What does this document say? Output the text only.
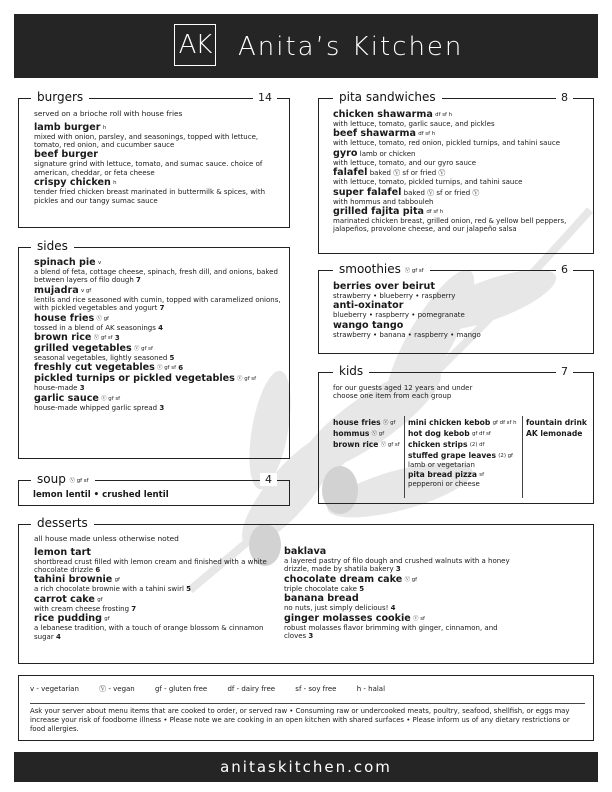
AK Anita’s Kitchen
burgers	14
served on a brioche roll with house fries
lamb burger h
mixed with onion, parsley, and seasonings, topped with lettuce, tomato, red onion, and cucumber sauce
beef burger
signature grind with lettuce, tomato, and sumac sauce. choice of american, cheddar, or feta cheese
crispy chicken h
tender fried chicken breast marinated in buttermilk & spices, with pickles and our tangy sumac sauce
sides
spinach pie v
a blend of feta, cottage cheese, spinach, fresh dill, and onions, baked between layers of filo dough 7
mujadra v gf
lentils and rice seasoned with cumin, topped with caramelized onions, with pickled vegetables and yogurt 7
house fries Ⓥ gf
tossed in a blend of AK seasonings 4
brown rice Ⓥ gf sf 3
grilled vegetables Ⓥ gf sf
seasonal vegetables, lightly seasoned 5
freshly cut vegetables Ⓥ gf sf 6
pickled turnips or pickled vegetables Ⓥ gf sf
house-made 3
garlic sauce Ⓥ gf sf
house-made whipped garlic spread 3
soup Ⓥ gf sf	4
lemon lentil • crushed lentil
pita sandwiches	8
chicken shawarma df sf h
with lettuce, tomato, garlic sauce, and pickles
beef shawarma df sf h
with lettuce, tomato, red onion, pickled turnips, and tahini sauce
gyro lamb or chicken
with lettuce, tomato, and our gyro sauce
falafel baked Ⓥ sf or fried Ⓥ
with lettuce, tomato, pickled turnips, and tahini sauce
super falafel baked Ⓥ sf or fried Ⓥ
with hommus and tabbouleh
grilled fajita pita df sf h
marinated chicken breast, grilled onion, red & yellow bell peppers, jalapeños, provolone cheese, and our jalapeño salsa
smoothies Ⓥ gf sf	6
berries over beirut
strawberry • blueberry • raspberry
anti-oxinator
blueberry • raspberry • pomegranate
wango tango
strawberry • banana • raspberry • mango
kids	7
for our guests aged 12 years and under
choose one item from each group
house fries Ⓥ gf
hommus Ⓥ gf
brown rice Ⓥ gf sf
mini chicken kebob gf df sf h
hot dog kebob gf df sf
chicken strips (2) df
stuffed grape leaves (2) gf
lamb or vegetarian
pita bread pizza sf
pepperoni or cheese
fountain drink
AK lemonade
desserts
all house made unless otherwise noted
lemon tart
shortbread crust filled with lemon cream and finished with a white chocolate drizzle 6
tahini brownie gf
a rich chocolate brownie with a tahini swirl 5
carrot cake gf
with cream cheese frosting 7
rice pudding gf
a lebanese tradition, with a touch of orange blossom & cinnamon sugar 4
baklava
a layered pastry of filo dough and crushed walnuts with a honey drizzle, made by shatila bakery 3
chocolate dream cake Ⓥ gf
triple chocolate cake 5
banana bread
no nuts, just simply delicious! 4
ginger molasses cookie Ⓥ sf
robust molasses flavor brimming with ginger, cinnamon, and cloves 3
v - vegetarian	Ⓥ - vegan	gf - gluten free	df - dairy free	sf - soy free	h - halal
Ask your server about menu items that are cooked to order, or served raw • Consuming raw or undercooked meats, poultry, seafood, shellfish, or eggs may increase your risk of foodborne illness • Please note we are cooking in an open kitchen with shared surfaces • Please inform us of any dietary restrictions or food allergies.
anitaskitchen.com
